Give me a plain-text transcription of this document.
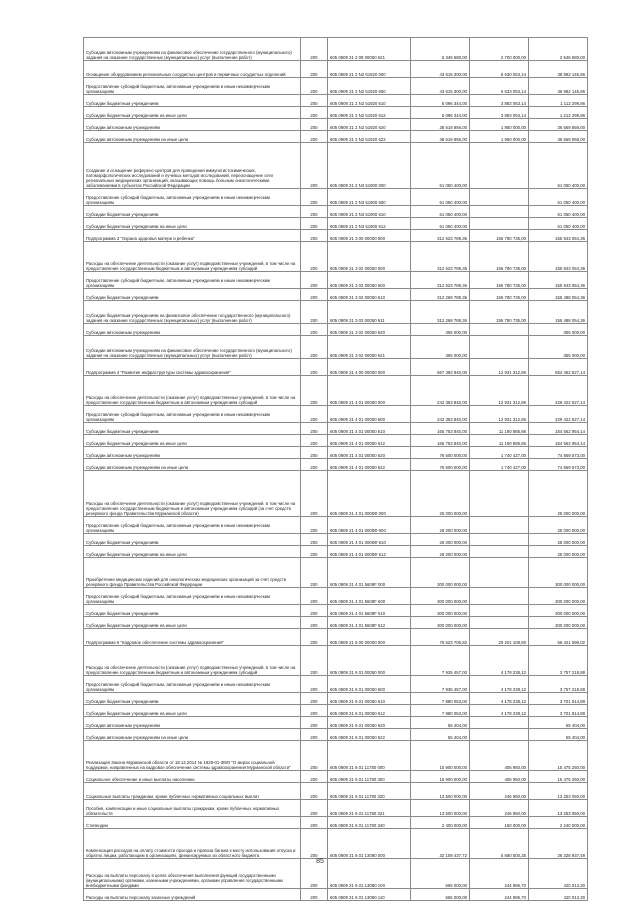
Субсидии автономным учреждениям на финансовое обеспечение государственного (муниципального) задания на оказание государственных (муниципальных) услуг (выполнение работ)	200	605 0909 21 2 08 00050 621	5 346 580,00	2 700 000,00	2 546 580,00
Оснащение оборудованием региональных сосудистых центров и первичных сосудистых отделений	200	605 0909 21 2 N2 51920 000	43 615 300,00	5 630 053,14	38 982 145,86
Предоставление субсидий бюджетным, автономным учреждениям и иным некоммерческим организациям	200	605 0909 21 2 N2 51920 600	43 615 300,00	6 633 053,14	36 982 145,86
Субсидии бюджетным учреждениям	200	605 0909 21 2 N2 51920 610	5 096 344,00	3 883 063,14	1 112 299,86
Субсидии бюджетным учреждениям на иные цели	200	605 0909 21 2 N2 51920 612	5 096 344,00	3 883 063,14	1 212 299,86
Субсидии автономным учреждениям	200	605 0909 21 2 N2 51920 620	38 619 856,00	1 950 000,00	36 569 856,00
Субсидии автономным учреждениям на иные цели	200	605 0909 21 2 N2 51920 622	38 619 856,00	1 950 000,00	36 569 856,00
Создание и оснащение референс-центров для проведения иммуногистохимических, патоморфологических исследований и лучевых методов исследований, переоснащение сети региональных медицинских организаций, оказывающих помощь больным онкологическими заболеваниями в субъектах Российской Федерации	200	605 0909 21 2 N3 51900 000	61 050 400,00		61 050 400,00
Предоставление субсидий бюджетным, автономным учреждениям и иным некоммерческим организациям	200	605 0909 21 2 N3 51900 600	61 050 400,00		61 050 400,00
Субсидии бюджетным учреждениям	200	605 0909 21 2 N3 51900 610	61 050 400,00		61 050 400,00
Субсидии бюджетным учреждениям на иные цели	200	605 0909 21 2 N3 51900 612	61 050 400,00		61 050 400,00
Подпрограмма 3 "Охрана здоровья матери и ребенка"	200	605 0909 21 3 00 00000 000	312 623 789,36	156 780 735,00	155 843 054,36
Расходы на обеспечение деятельности (оказание услуг) подведомственных учреждений, в том числе на предоставление государственным бюджетным и автономным учреждениям субсидий	200	605 0909 21 3 02 00050 000	312 623 789,36	156 780 735,00	155 843 054,36
Предоставление субсидий бюджетным, автономным учреждениям и иным некоммерческим организациям	200	605 0909 21 3 02 00050 600	312 623 789,36	156 780 735,00	155 843 054,36
Субсидии бюджетным учреждениям	200	605 0909 21 3 02 00050 610	312 268 789,36	156 780 735,00	155 488 054,36
Субсидии бюджетным учреждениям на финансовое обеспечение государственного (муниципального) задания на оказание государственных (муниципальных) услуг (выполнение работ)	200	605 0909 21 3 02 00050 611	312 268 789,36	156 780 735,00	155 488 054,36
Субсидии автономным учреждениям	200	605 0909 21 3 02 00050 620	355 000,00		355 000,00
Субсидии автономным учреждениям на финансовое обеспечение государственного (муниципального) задания на оказание государственных (муниципальных) услуг (выполнение работ)	200	605 0909 21 3 02 00050 621	355 000,00		355 000,00
Подпрограмма 4 "Развитие инфраструктуры системы здравоохранения"	200	605 0909 21 4 00 00000 000	567 383 840,00	12 931 312,86	554 452 527,14
Расходы на обеспечение деятельности (оказание услуг) подведомственных учреждений, в том числе на предоставление государственным бюджетным и автономным учреждениям субсидий	200	605 0909 21 4 01 00050 000	242 353 840,00	12 931 312,86	229 422 527,14
Предоставление субсидий бюджетным, автономным учреждениям и иным некоммерческим организациям	200	605 0909 21 4 01 00050 600	242 353 840,00	12 931 312,86	229 422 527,14
Субсидии бюджетным учреждениям	200	605 0909 21 4 01 00050 610	165 753 840,00	11 190 885,86	154 562 954,14
Субсидии бюджетным учреждениям на иные цели	200	605 0909 21 4 01 00050 612	165 753 840,00	11 190 885,86	154 562 954,14
Субсидии автономным учреждениям	200	605 0909 21 4 01 00050 620	76 600 000,00	1 740 427,00	74 859 573,00
Субсидии автономным учреждениям на иные цели	200	605 0909 21 4 01 00050 622	76 600 000,00	1 740 427,00	74 859 573,00
Расходы на обеспечение деятельности (оказание услуг) подведомственных учреждений, в том числе на предоставление государственным бюджетным и автономным учреждениям субсидий (за счет средств резервного фонда Правительства Мурманской области)	200	605 0909 21 4 01 0005Ф 000	25 000 000,00		25 000 000,00
Предоставление субсидий бюджетным, автономным учреждениям и иным некоммерческим организациям	200	605 0909 21 4 01 0005Ф 600	25 000 000,00		25 000 000,00
Субсидии бюджетным учреждениям	200	605 0909 21 4 01 0005Ф 610	25 000 000,00		25 000 000,00
Субсидии бюджетным учреждениям на иные цели	200	605 0909 21 4 01 0005Ф 612	25 000 000,00		25 000 000,00
Приобретение медицинских изделий для онкологических медицинских организаций за счет средств резервного фонда Правительства Российской Федерации	200	605 0909 21 4 01 5608F 000	300 000 000,00		300 000 000,00
Предоставление субсидий бюджетным, автономным учреждениям и иным некоммерческим организациям	200	605 0909 21 4 01 5608F 600	300 000 000,00		300 000 000,00
Субсидии бюджетным учреждениям	200	605 0909 21 4 01 5608F 610	300 000 000,00		300 000 000,00
Субсидии бюджетным учреждениям на иные цели	200	605 0909 21 4 01 5608F 612	300 000 000,00		300 000 000,00
Подпрограмма 6 "Кадровое обеспечение системы здравоохранения"	200	605 0909 21 6 00 00000 000	76 623 706,82	20 201 108,80	56 421 598,02
Расходы на обеспечение деятельности (оказание услуг) подведомственных учреждений, в том числе на предоставление государственным бюджетным и автономным учреждениям субсидий	200	605 0909 21 6 01 00050 000	7 935 457,00	4 178 238,12	3 757 218,88
Предоставление субсидий бюджетным, автономным учреждениям и иным некоммерческим организациям	200	605 0909 21 6 01 00050 600	7 935 457,00	4 178 238,12	3 757 218,88
Субсидии бюджетным учреждениям	200	605 0909 21 6 01 00050 610	7 880 053,00	4 178 238,12	3 701 814,88
Субсидии бюджетным учреждениям на иные цели	200	605 0909 21 6 01 00050 612	7 880 053,00	4 178 238,12	3 701 814,88
Субсидии автономным учреждениям	200	605 0909 21 6 01 00050 620	55 404,00		55 404,00
Субсидии автономным учреждениям на иные цели	200	605 0909 21 6 01 00050 622	55 404,00		55 404,00
Реализация Закона Мурманской области от 18.12.2014 № 1828-01-ЗМО "О мерах социальной поддержки, направленных на кадровое обеспечение системы здравоохранения Мурманской области"	200	605 0909 21 6 01 11780 000	15 900 000,00	405 950,00	15 475 250,00
Социальное обеспечение и иные выплаты населению	200	605 0909 21 6 01 11780 300	15 900 000,00	405 950,00	15 475 250,00
Социальные выплаты гражданам, кроме публичных нормативных социальных выплат	200	605 0909 21 6 01 11780 320	13 500 000,00	246 950,00	13 253 050,00
Пособия, компенсации и иные социальные выплаты гражданам, кроме публичных нормативных обязательств	200	605 0909 21 6 01 11780 321	13 500 000,00	246 950,00	13 253 050,00
Стипендии	200	605 0909 21 6 01 11780 340	2 400 000,00	160 000,00	2 240 000,00
Компенсация расходов на оплату стоимости проезда и провоза багажа к месту использования отпуска и обратно лицам, работающим в организациях, финансируемых из областного бюджета	200	605 0909 21 6 01 13080 000	32 109 437,72	5 680 500,25	26 328 937,49
Расходы на выплаты персоналу в целях обеспечения выполнения функций государственными (муниципальными) органами, казенными учреждениями, органами управления государственными внебюджетными фондами	200	605 0909 21 6 01 13080 100	665 000,00	244 986,70	420 013,30
Расходы на выплаты персоналу казенных учреждений	200	605 0909 21 6 01 13080 110	665 000,00	244 986,70	420 013,30
85
